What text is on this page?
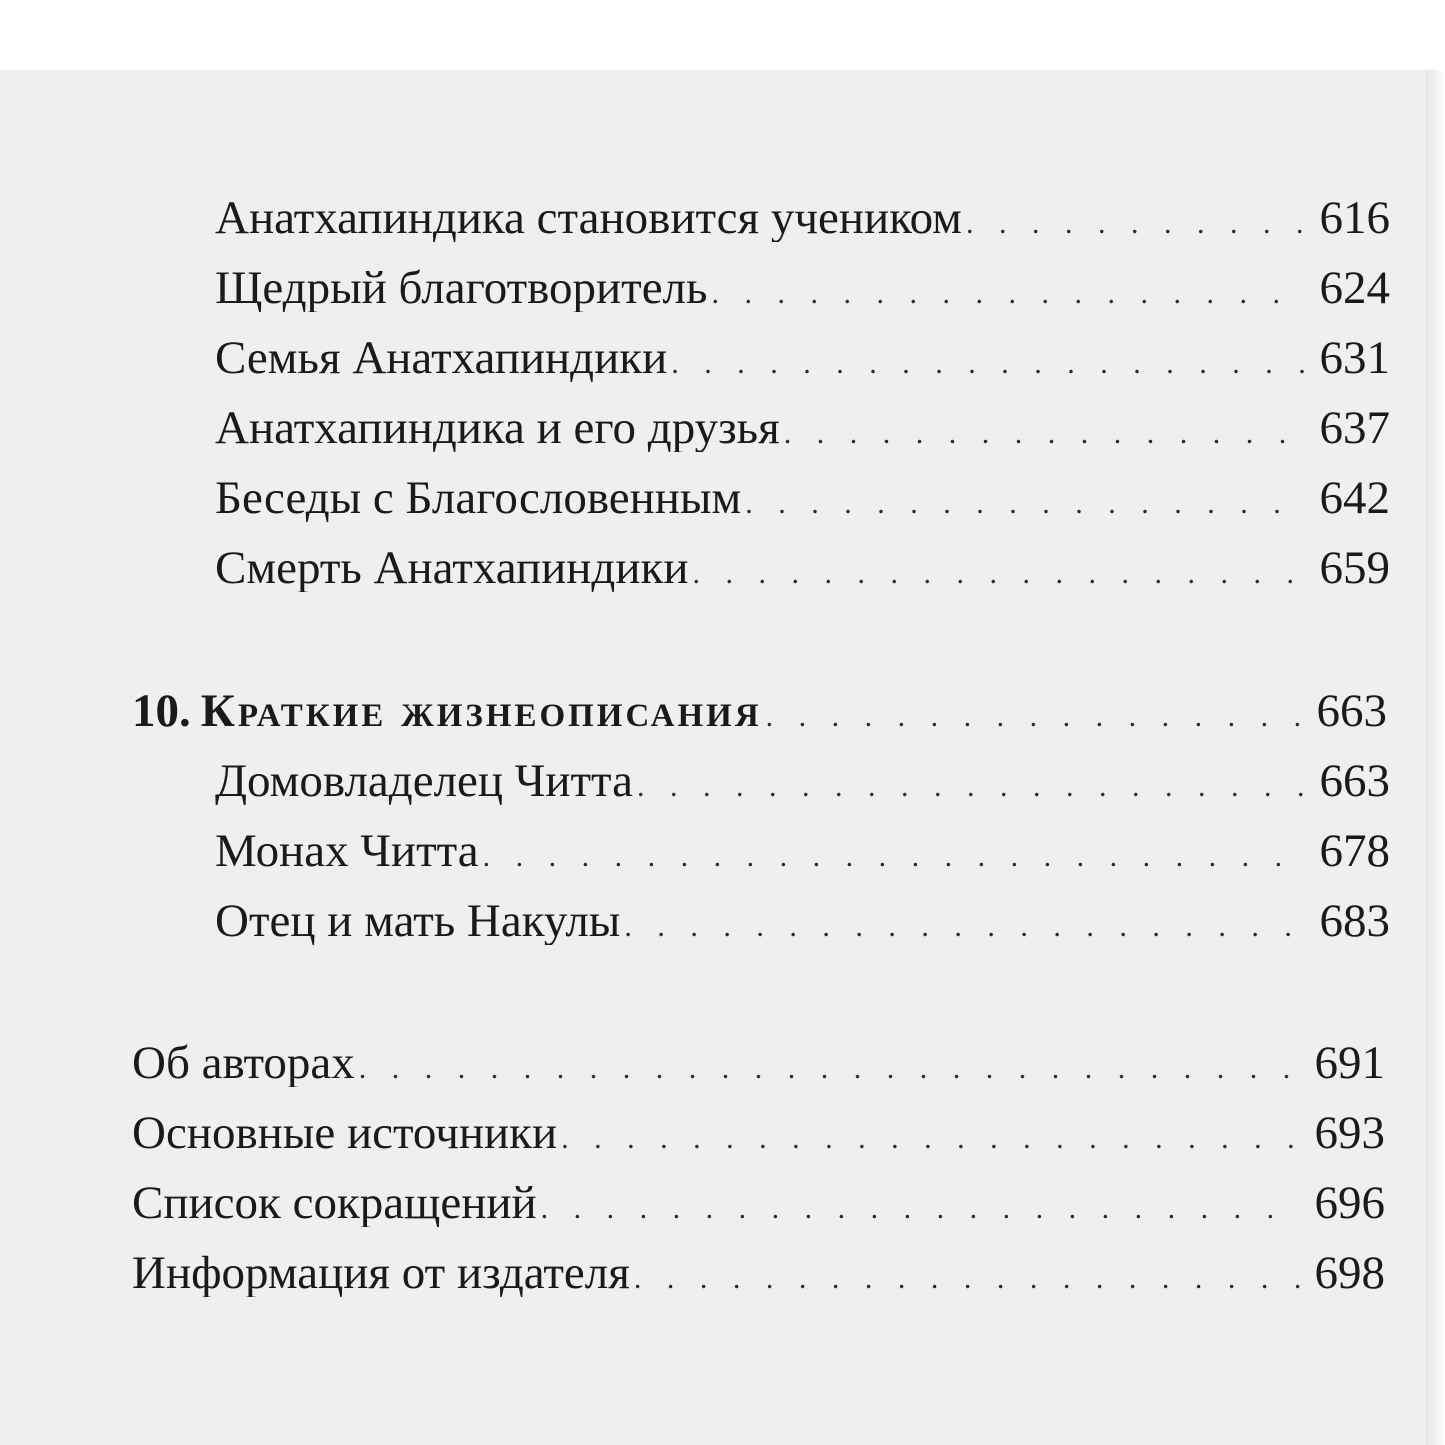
Анатхапиндика становится учеником . . .	616
Щедрый благотворитель . . .	624
Семья Анатхапиндики . . .	631
Анатхапиндика и его друзья . . .	637
Беседы с Благословенным . . .	642
Смерть Анатхапиндики . . .	659
10. Краткие жизнеописания . . .	663
Домовладелец Читта . . .	663
Монах Читта . . .	678
Отец и мать Накулы . . .	683
Об авторах . . .	691
Основные источники . . .	693
Список сокращений . . .	696
Информация от издателя . . .	698
